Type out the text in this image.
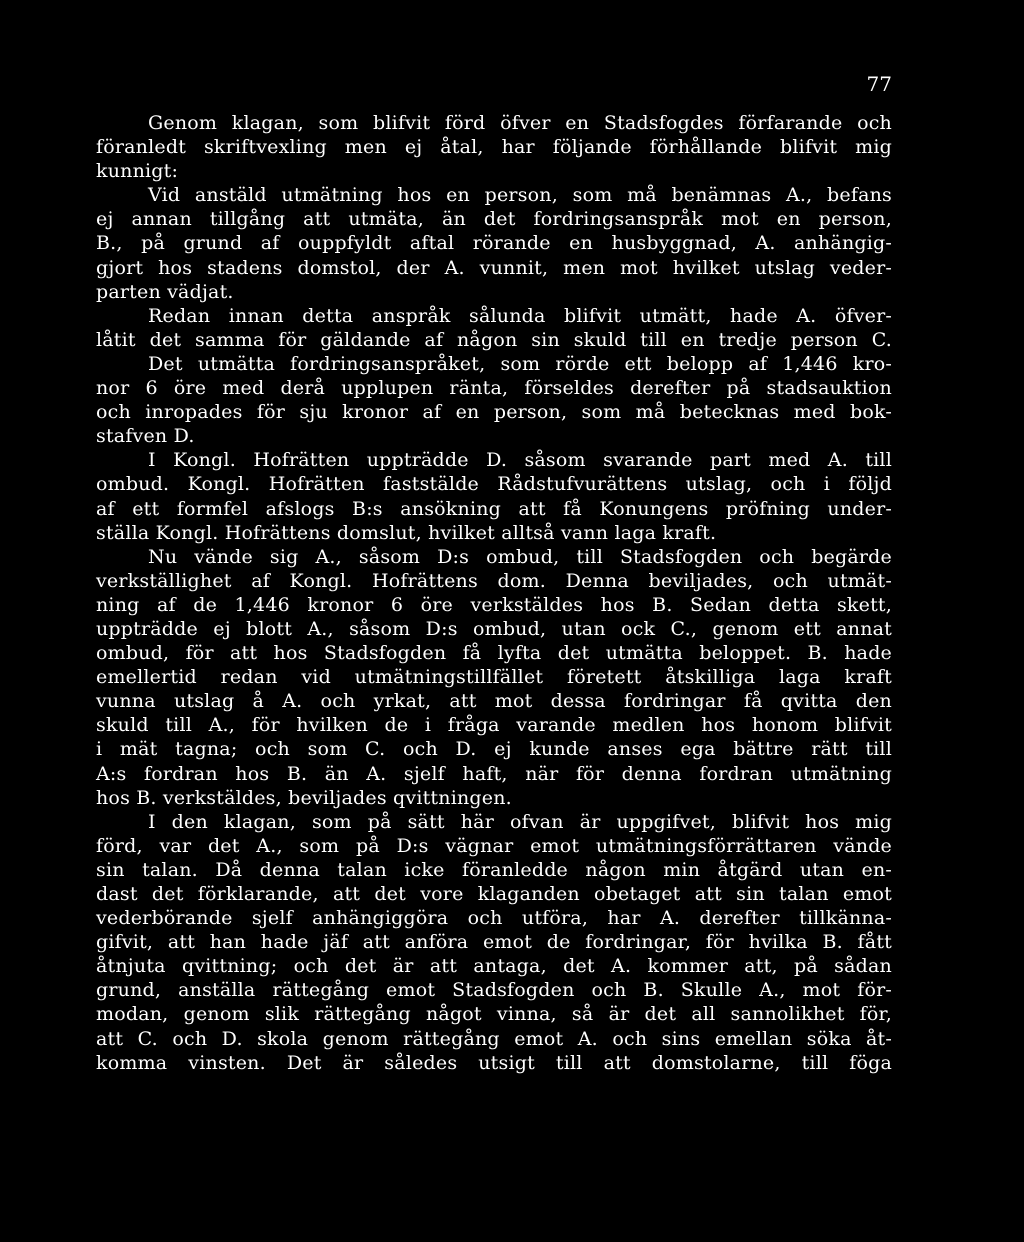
77
Genom klagan, som blifvit förd öfver en Stadsfogdes förfarande och
föranledt skriftvexling men ej åtal, har följande förhållande blifvit mig
kunnigt:
Vid anstäld utmätning hos en person, som må benämnas A., befans
ej annan tillgång att utmäta, än det fordringsanspråk mot en person,
B., på grund af ouppfyldt aftal rörande en husbyggnad, A. anhängig-
gjort hos stadens domstol, der A. vunnit, men mot hvilket utslag veder-
parten vädjat.
Redan innan detta anspråk sålunda blifvit utmätt, hade A. öfver-
låtit det samma för gäldande af någon sin skuld till en tredje person C.
Det utmätta fordringsanspråket, som rörde ett belopp af 1,446 kro-
nor 6 öre med derå upplupen ränta, förseldes derefter på stadsauktion
och inropades för sju kronor af en person, som må betecknas med bok-
stafven D.
I Kongl. Hofrätten uppträdde D. såsom svarande part med A. till
ombud. Kongl. Hofrätten faststälde Rådstufvurättens utslag, och i följd
af ett formfel afslogs B:s ansökning att få Konungens pröfning under-
ställa Kongl. Hofrättens domslut, hvilket alltså vann laga kraft.
Nu vände sig A., såsom D:s ombud, till Stadsfogden och begärde
verkställighet af Kongl. Hofrättens dom. Denna beviljades, och utmät-
ning af de 1,446 kronor 6 öre verkstäldes hos B. Sedan detta skett,
uppträdde ej blott A., såsom D:s ombud, utan ock C., genom ett annat
ombud, för att hos Stadsfogden få lyfta det utmätta beloppet. B. hade
emellertid redan vid utmätningstillfället företett åtskilliga laga kraft
vunna utslag å A. och yrkat, att mot dessa fordringar få qvitta den
skuld till A., för hvilken de i fråga varande medlen hos honom blifvit
i mät tagna; och som C. och D. ej kunde anses ega bättre rätt till
A:s fordran hos B. än A. sjelf haft, när för denna fordran utmätning
hos B. verkstäldes, beviljades qvittningen.
I den klagan, som på sätt här ofvan är uppgifvet, blifvit hos mig
förd, var det A., som på D:s vägnar emot utmätningsförrättaren vände
sin talan. Då denna talan icke föranledde någon min åtgärd utan en-
dast det förklarande, att det vore klaganden obetaget att sin talan emot
vederbörande sjelf anhängiggöra och utföra, har A. derefter tillkänna-
gifvit, att han hade jäf att anföra emot de fordringar, för hvilka B. fått
åtnjuta qvittning; och det är att antaga, det A. kommer att, på sådan
grund, anställa rättegång emot Stadsfogden och B. Skulle A., mot för-
modan, genom slik rättegång något vinna, så är det all sannolikhet för,
att C. och D. skola genom rättegång emot A. och sins emellan söka åt-
komma vinsten. Det är således utsigt till att domstolarne, till föga
